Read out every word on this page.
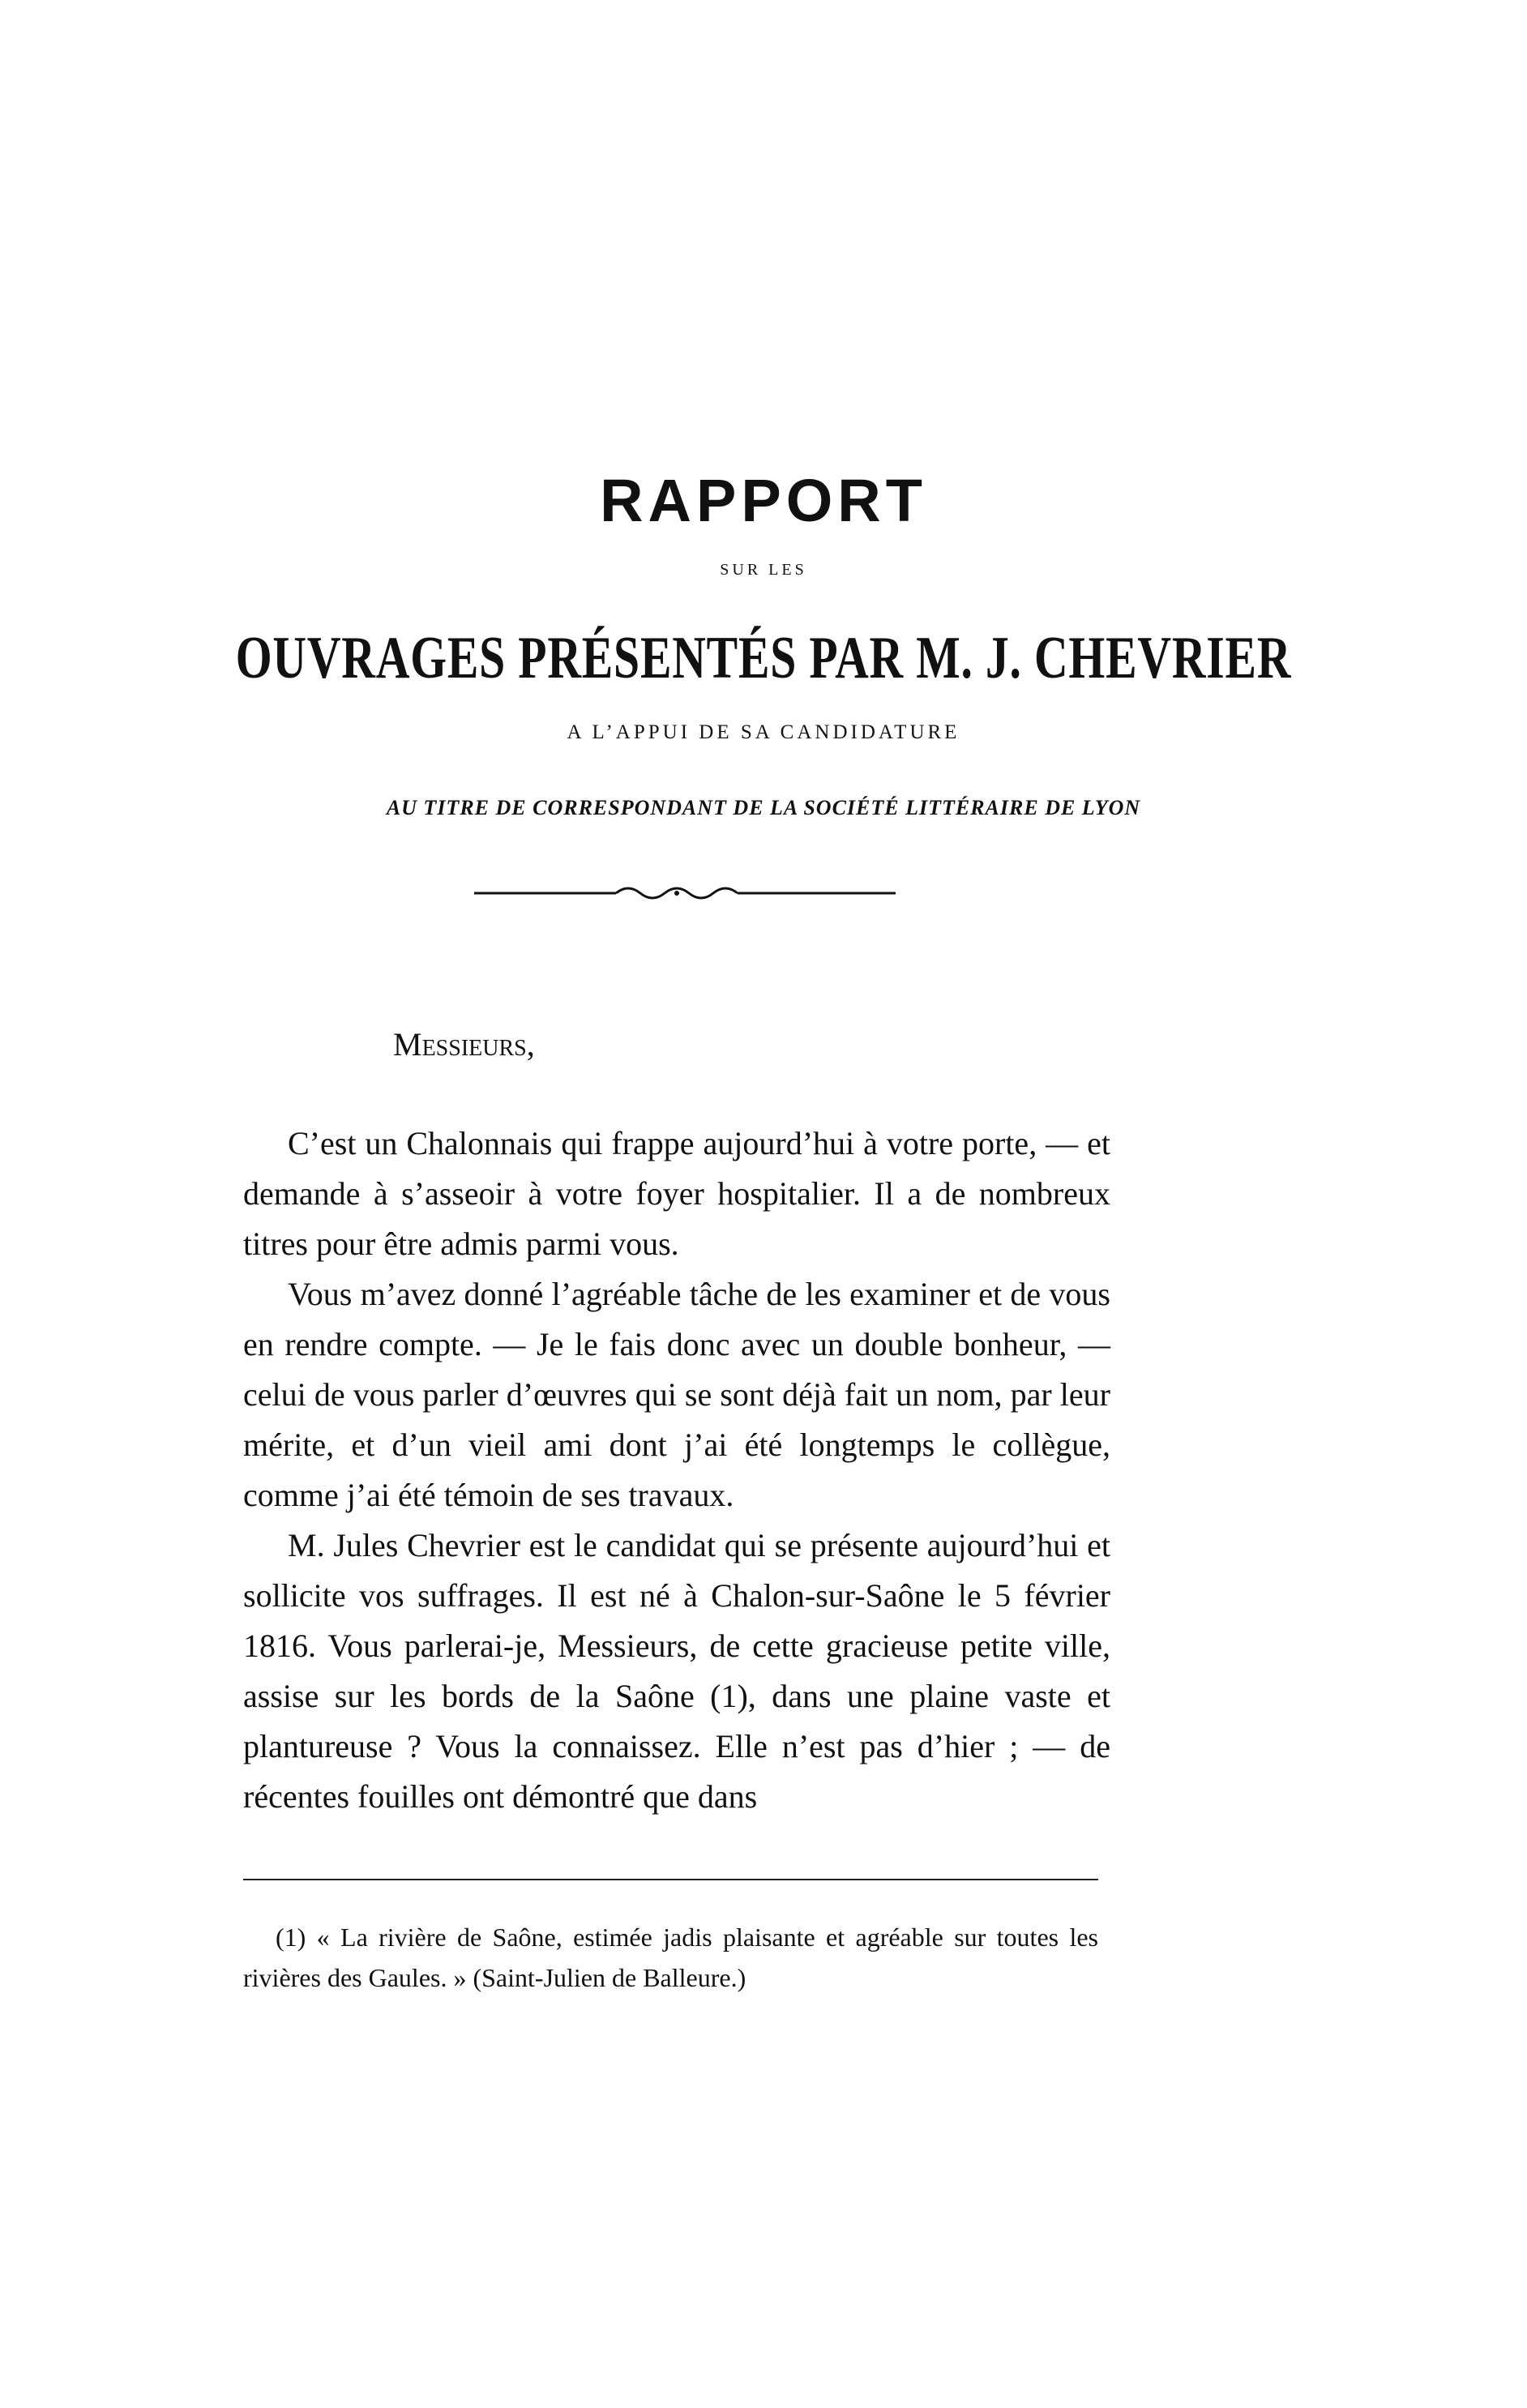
RAPPORT
SUR LES
OUVRAGES PRÉSENTÉS PAR M. J. CHEVRIER
A L’APPUI DE SA CANDIDATURE
AU TITRE DE CORRESPONDANT DE LA SOCIÉTÉ LITTÉRAIRE DE LYON
Messieurs,

C’est un Chalonnais qui frappe aujourd’hui à votre porte, — et demande à s’asseoir à votre foyer hospitalier. Il a de nombreux titres pour être admis parmi vous.

Vous m’avez donné l’agréable tâche de les examiner et de vous en rendre compte. — Je le fais donc avec un double bonheur, — celui de vous parler d’œuvres qui se sont déjà fait un nom, par leur mérite, et d’un vieil ami dont j’ai été longtemps le collègue, comme j’ai été témoin de ses travaux.

M. Jules Chevrier est le candidat qui se présente aujourd’hui et sollicite vos suffrages. Il est né à Chalon-sur-Saône le 5 février 1816. Vous parlerai-je, Messieurs, de cette gracieuse petite ville, assise sur les bords de la Saône (1), dans une plaine vaste et plantureuse ? Vous la connaissez. Elle n’est pas d’hier ; — de récentes fouilles ont démontré que dans

(1) « La rivière de Saône, estimée jadis plaisante et agréable sur toutes les rivières des Gaules. » (Saint-Julien de Balleure.)
